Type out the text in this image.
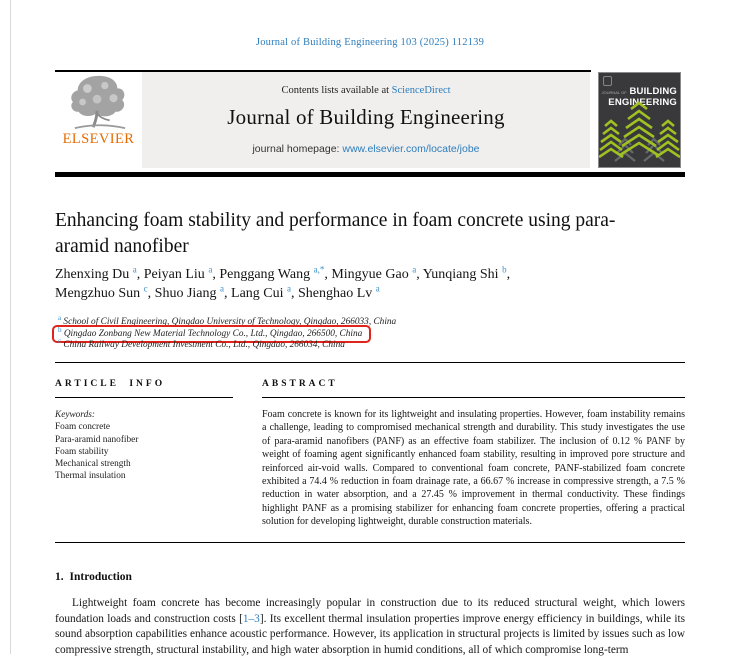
Journal of Building Engineering 103 (2025) 112139
ELSEVIER
Contents lists available at ScienceDirect
Journal of Building Engineering
journal homepage: www.elsevier.com/locate/jobe
JOURNAL OF BUILDING
ENGINEERING
Enhancing foam stability and performance in foam concrete using para-aramid nanofiber
Zhenxing Du $^a$, Peiyan Liu $^a$, Penggang Wang $^{a,*}$, Mingyue Gao $^a$, Yunqiang Shi $^b$,
Mengzhuo Sun $^c$, Shuo Jiang $^a$, Lang Cui $^a$, Shenghao Lv $^a$
$^a$ School of Civil Engineering, Qingdao University of Technology, Qingdao, 266033, China
$^b$ Qingdao Zonbang New Material Technology Co., Ltd., Qingdao, 266500, China
$^c$ China Railway Development Investment Co., Ltd., Qingdao, 266034, China
ARTICLE INFO
Keywords:
Foam concrete
Para-aramid nanofiber
Foam stability
Mechanical strength
Thermal insulation
ABSTRACT
Foam concrete is known for its lightweight and insulating properties. However, foam instability remains a challenge, leading to compromised mechanical strength and durability. This study investigates the use of para-aramid nanofibers (PANF) as an effective foam stabilizer. The inclusion of 0.12 % PANF by weight of foaming agent significantly enhanced foam stability, resulting in improved pore structure and reinforced air-void walls. Compared to conventional foam concrete, PANF-stabilized foam concrete exhibited a 74.4 % reduction in foam drainage rate, a 66.67 % increase in compressive strength, a 7.5 % reduction in water absorption, and a 27.45 % improvement in thermal conductivity. These findings highlight PANF as a promising stabilizer for enhancing foam concrete properties, offering a practical solution for developing lightweight, durable construction materials.
1. Introduction
Lightweight foam concrete has become increasingly popular in construction due to its reduced structural weight, which lowers foundation loads and construction costs [1–3]. Its excellent thermal insulation properties improve energy efficiency in buildings, while its sound absorption capabilities enhance acoustic performance. However, its application in structural projects is limited by issues such as low compressive strength, structural instability, and high water absorption in humid conditions, all of which compromise long-term
